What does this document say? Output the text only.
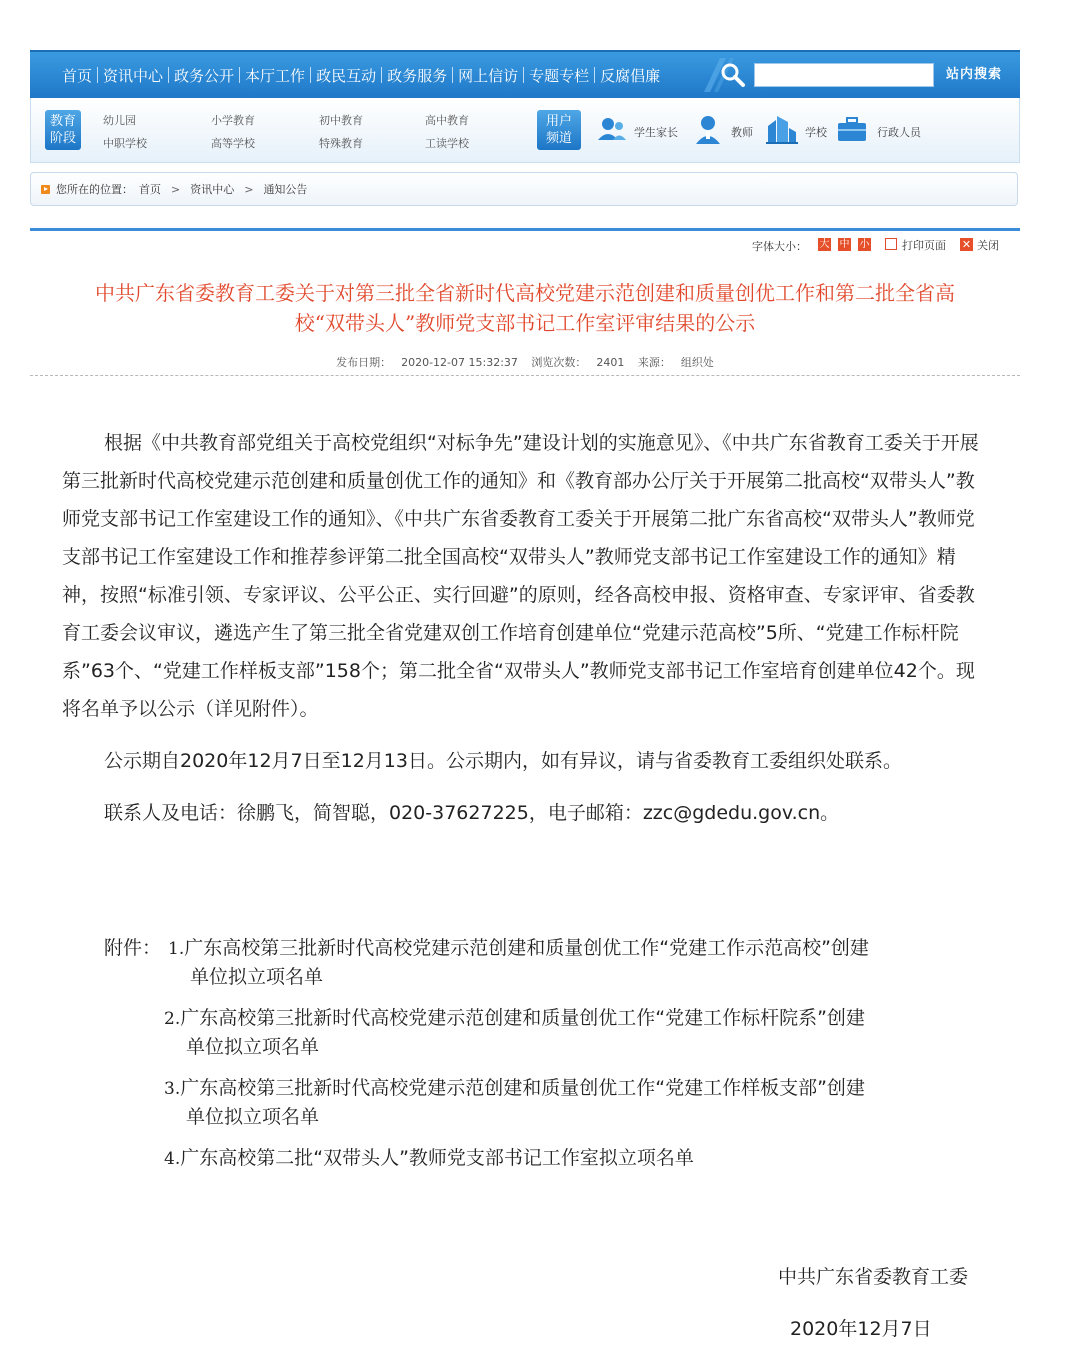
首页 资讯中心 政务公开 本厅工作 政民互动 政务服务 网上信访 专题专栏 反腐倡廉	站内搜索
教育
阶段
幼儿园
中职学校
小学教育
高等学校
初中教育
特殊教育
高中教育
工读学校
用户
频道	学生家长	教师	学校	行政人员
您所在的位置： 首页 > 资讯中心 > 通知公告
字体大小： 大 中 小	打印页面 ✕ 关闭
中共广东省委教育工委关于对第三批全省新时代高校党建示范创建和质量创优工作和第二批全省高
校“双带头人”教师党支部书记工作室评审结果的公示
发布日期： 2020-12-07 15:32:37 浏览次数： 2401 来源： 组织处

根据《中共教育部党组关于高校党组织“对标争先”建设计划的实施意见》、《中共广东省教育工委关于开展第三批新时代高校党建示范创建和质量创优工作的通知》和《教育部办公厅关于开展第二批高校“双带头人”教师党支部书记工作室建设工作的通知》、《中共广东省委教育工委关于开展第二批广东省高校“双带头人”教师党支部书记工作室建设工作和推荐参评第二批全国高校“双带头人”教师党支部书记工作室建设工作的通知》精神，按照“标准引领、专家评议、公平公正、实行回避”的原则，经各高校申报、资格审查、专家评审、省委教育工委会议审议，遴选产生了第三批全省党建双创工作培育创建单位“党建示范高校”5所、“党建工作标杆院系”63个、“党建工作样板支部”158个；第二批全省“双带头人”教师党支部书记工作室培育创建单位42个。现将名单予以公示（详见附件）。

公示期自2020年12月7日至12月13日。公示期内，如有异议，请与省委教育工委组织处联系。

联系人及电话：徐鹏飞，简智聪，020-37627225，电子邮箱：zzc@gdedu.gov.cn。

附件： 1.广东高校第三批新时代高校党建示范创建和质量创优工作“党建工作示范高校”创建
单位拟立项名单
2.广东高校第三批新时代高校党建示范创建和质量创优工作“党建工作标杆院系”创建
单位拟立项名单
3.广东高校第三批新时代高校党建示范创建和质量创优工作“党建工作样板支部”创建
单位拟立项名单
4.广东高校第二批“双带头人”教师党支部书记工作室拟立项名单
中共广东省委教育工委
2020年12月7日
